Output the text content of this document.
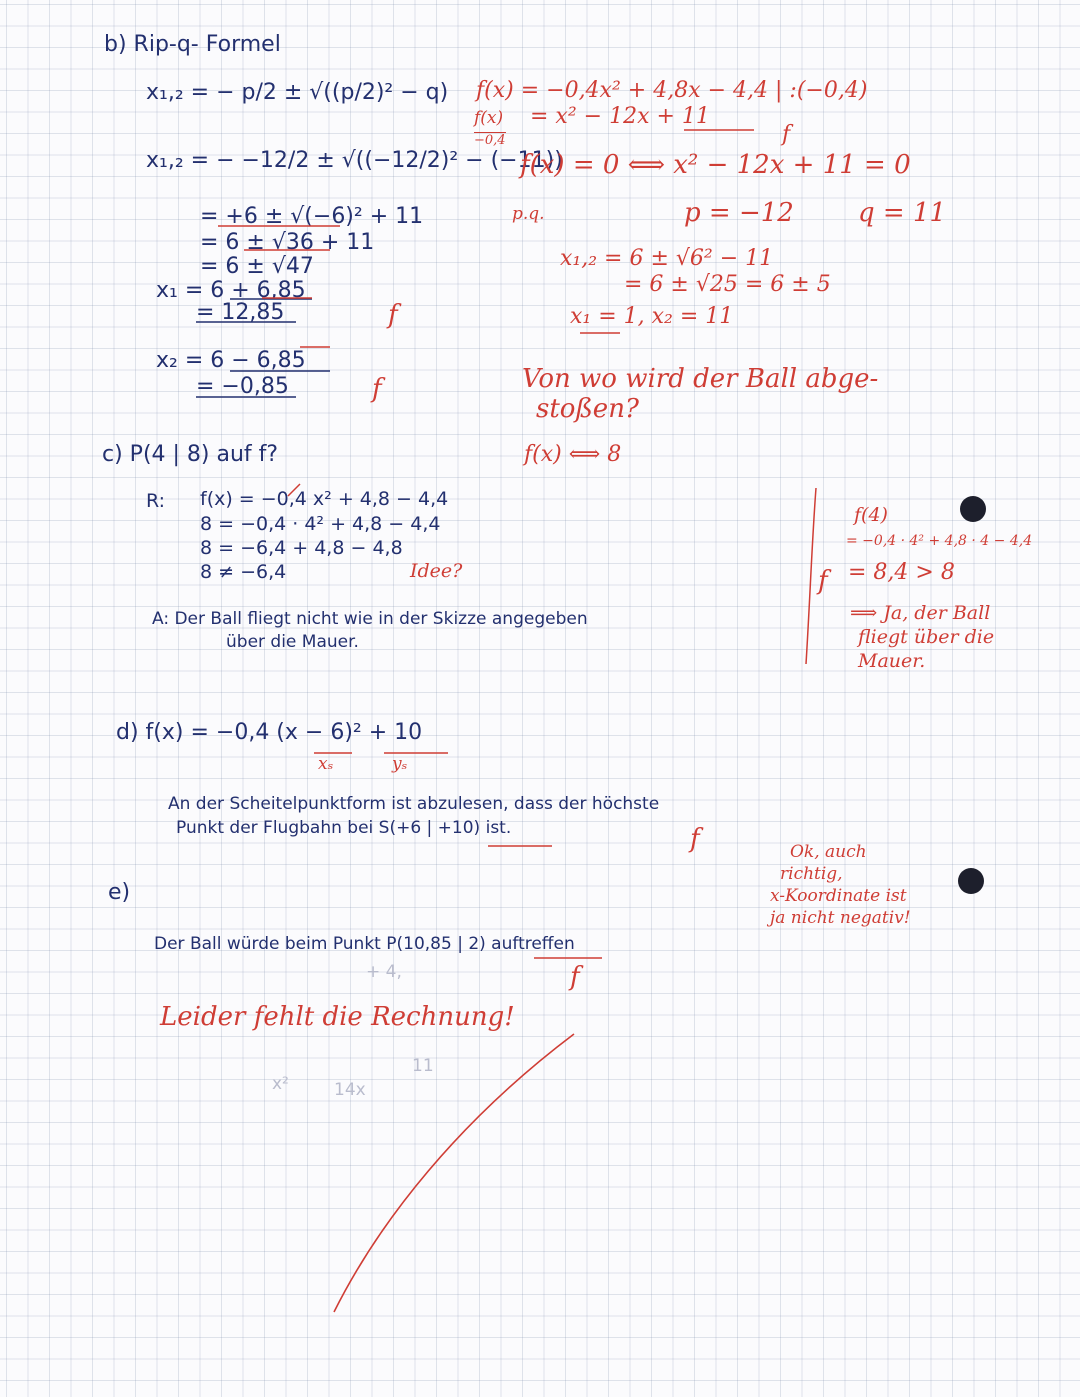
b) Rip-q- Formel
x₁,₂ = − p/2 ± √((p/2)² − q)
x₁,₂ = − −12/2 ± √((−12/2)² − (−11))
= +6 ± √(−6)² + 11
= 6 ± √36 + 11
= 6 ± √47
x₁ = 6 + 6,85
= 12,85
x₂ = 6 − 6,85
= −0,85
c) P(4 | 8) auf f?
R: f(x) = −0,4 x² + 4,8 − 4,4
8 = −0,4 · 4² + 4,8 − 4,4
8 = −6,4 + 4,8 − 4,8
8 ≠ −6,4
A: Der Ball fliegt nicht wie in der Skizze angegeben
über die Mauer.
d) f(x) = −0,4 (x − 6)² + 10
xₛ	yₛ
An der Scheitelpunktform ist abzulesen, dass der höchste
Punkt der Flugbahn bei S(+6 | +10) ist.
e)
Der Ball würde beim Punkt P(10,85 | 2) auftreffen
f(x) = −0,4x² + 4,8x − 4,4 | :(−0,4)
f(x)
−0,4
= x² − 12x + 11
f
f(x) = 0 ⟺ x² − 12x + 11 = 0
p.q.	p = −12 q = 11
x₁,₂ = 6 ± √6² − 11
= 6 ± √25 = 6 ± 5
x₁ = 1, x₂ = 11
f
f	Von wo wird der Ball abge-
stoßen?
f(x) ⟺ 8
Idee?
f(4)
= −0,4 · 4² + 4,8 · 4 − 4,4
= 8,4 > 8
f
⟹ Ja, der Ball
fliegt über die
Mauer.
f	Ok, auch
richtig,
x-Koordinate ist
ja nicht negativ!
f
Leider fehlt die Rechnung!
+ 4,
x²	14x
11
